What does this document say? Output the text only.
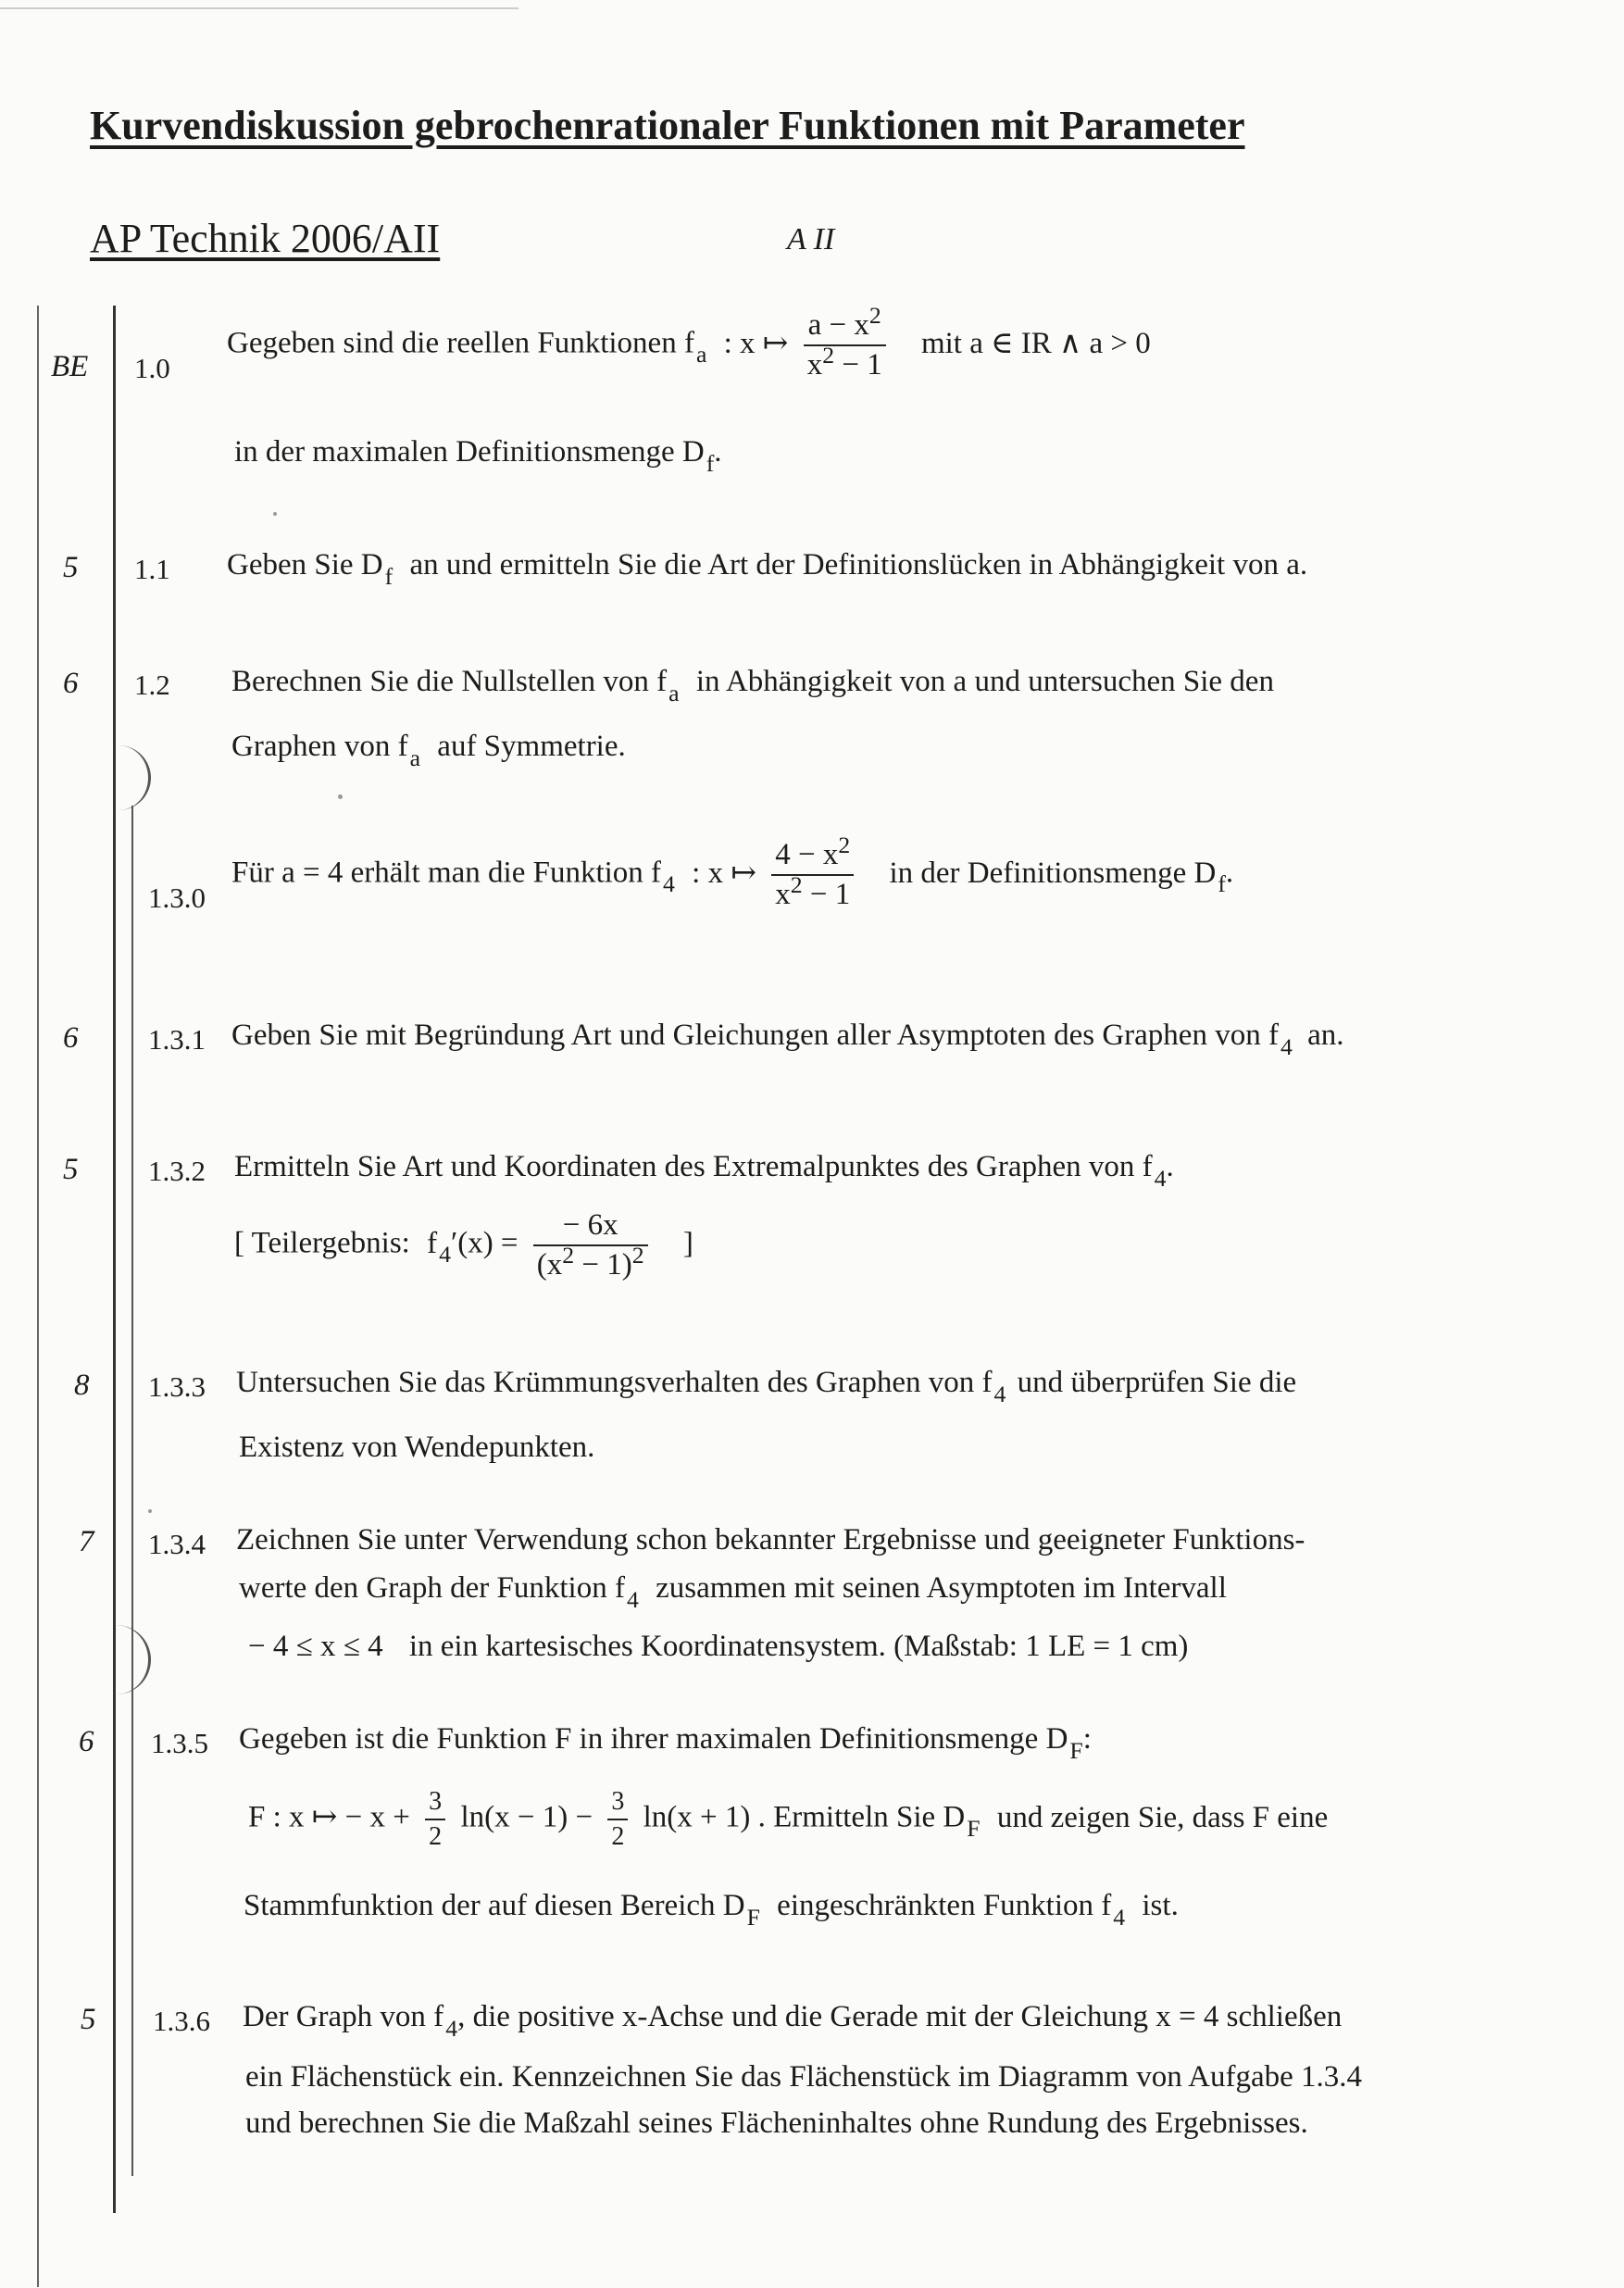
Kurvendiskussion gebrochenrationaler Funktionen mit Parameter
AP Technik 2006/AII	A II
BE 1.0
Gegeben sind die reellen Funktionen $f_a$ : x ↦ $\frac{a - x^2}{x^2 - 1}$ mit a ∈ IR ∧ a > 0
in der maximalen Definitionsmenge $D_f$.
5 1.1 Geben Sie $D_f$ an und ermitteln Sie die Art der Definitionslücken in Abhängigkeit von a.
6 1.2 Berechnen Sie die Nullstellen von $f_a$ in Abhängigkeit von a und untersuchen Sie den
Graphen von $f_a$ auf Symmetrie.
1.3.0
Für a = 4 erhält man die Funktion $f_4$ : x ↦ $\frac{4 - x^2}{x^2 - 1}$ in der Definitionsmenge $D_f$.
6 1.3.1 Geben Sie mit Begründung Art und Gleichungen aller Asymptoten des Graphen von $f_4$ an.
5 1.3.2 Ermitteln Sie Art und Koordinaten des Extremalpunktes des Graphen von $f_4$.
[ Teilergebnis: $f_4'(x) = \frac{- 6x}{(x^2 - 1)^2}$ ]
8 1.3.3 Untersuchen Sie das Krümmungsverhalten des Graphen von $f_4$ und überprüfen Sie die
Existenz von Wendepunkten.
7 1.3.4 Zeichnen Sie unter Verwendung schon bekannter Ergebnisse und geeigneter Funktions-
werte den Graph der Funktion $f_4$ zusammen mit seinen Asymptoten im Intervall
− 4 ≤ x ≤ 4 in ein kartesisches Koordinatensystem. (Maßstab: 1 LE = 1 cm)
6 1.3.5 Gegeben ist die Funktion F in ihrer maximalen Definitionsmenge $D_F$:
F : x ↦ − $x + \frac{3}{2} \ln(x - 1) - \frac{3}{2} \ln(x + 1)$ . Ermitteln Sie $D_F$ und zeigen Sie, dass F eine
Stammfunktion der auf diesen Bereich $D_F$ eingeschränkten Funktion $f_4$ ist.
5 1.3.6 Der Graph von $f_4$, die positive x-Achse und die Gerade mit der Gleichung x = 4 schließen
ein Flächenstück ein. Kennzeichnen Sie das Flächenstück im Diagramm von Aufgabe 1.3.4
und berechnen Sie die Maßzahl seines Flächeninhaltes ohne Rundung des Ergebnisses.
